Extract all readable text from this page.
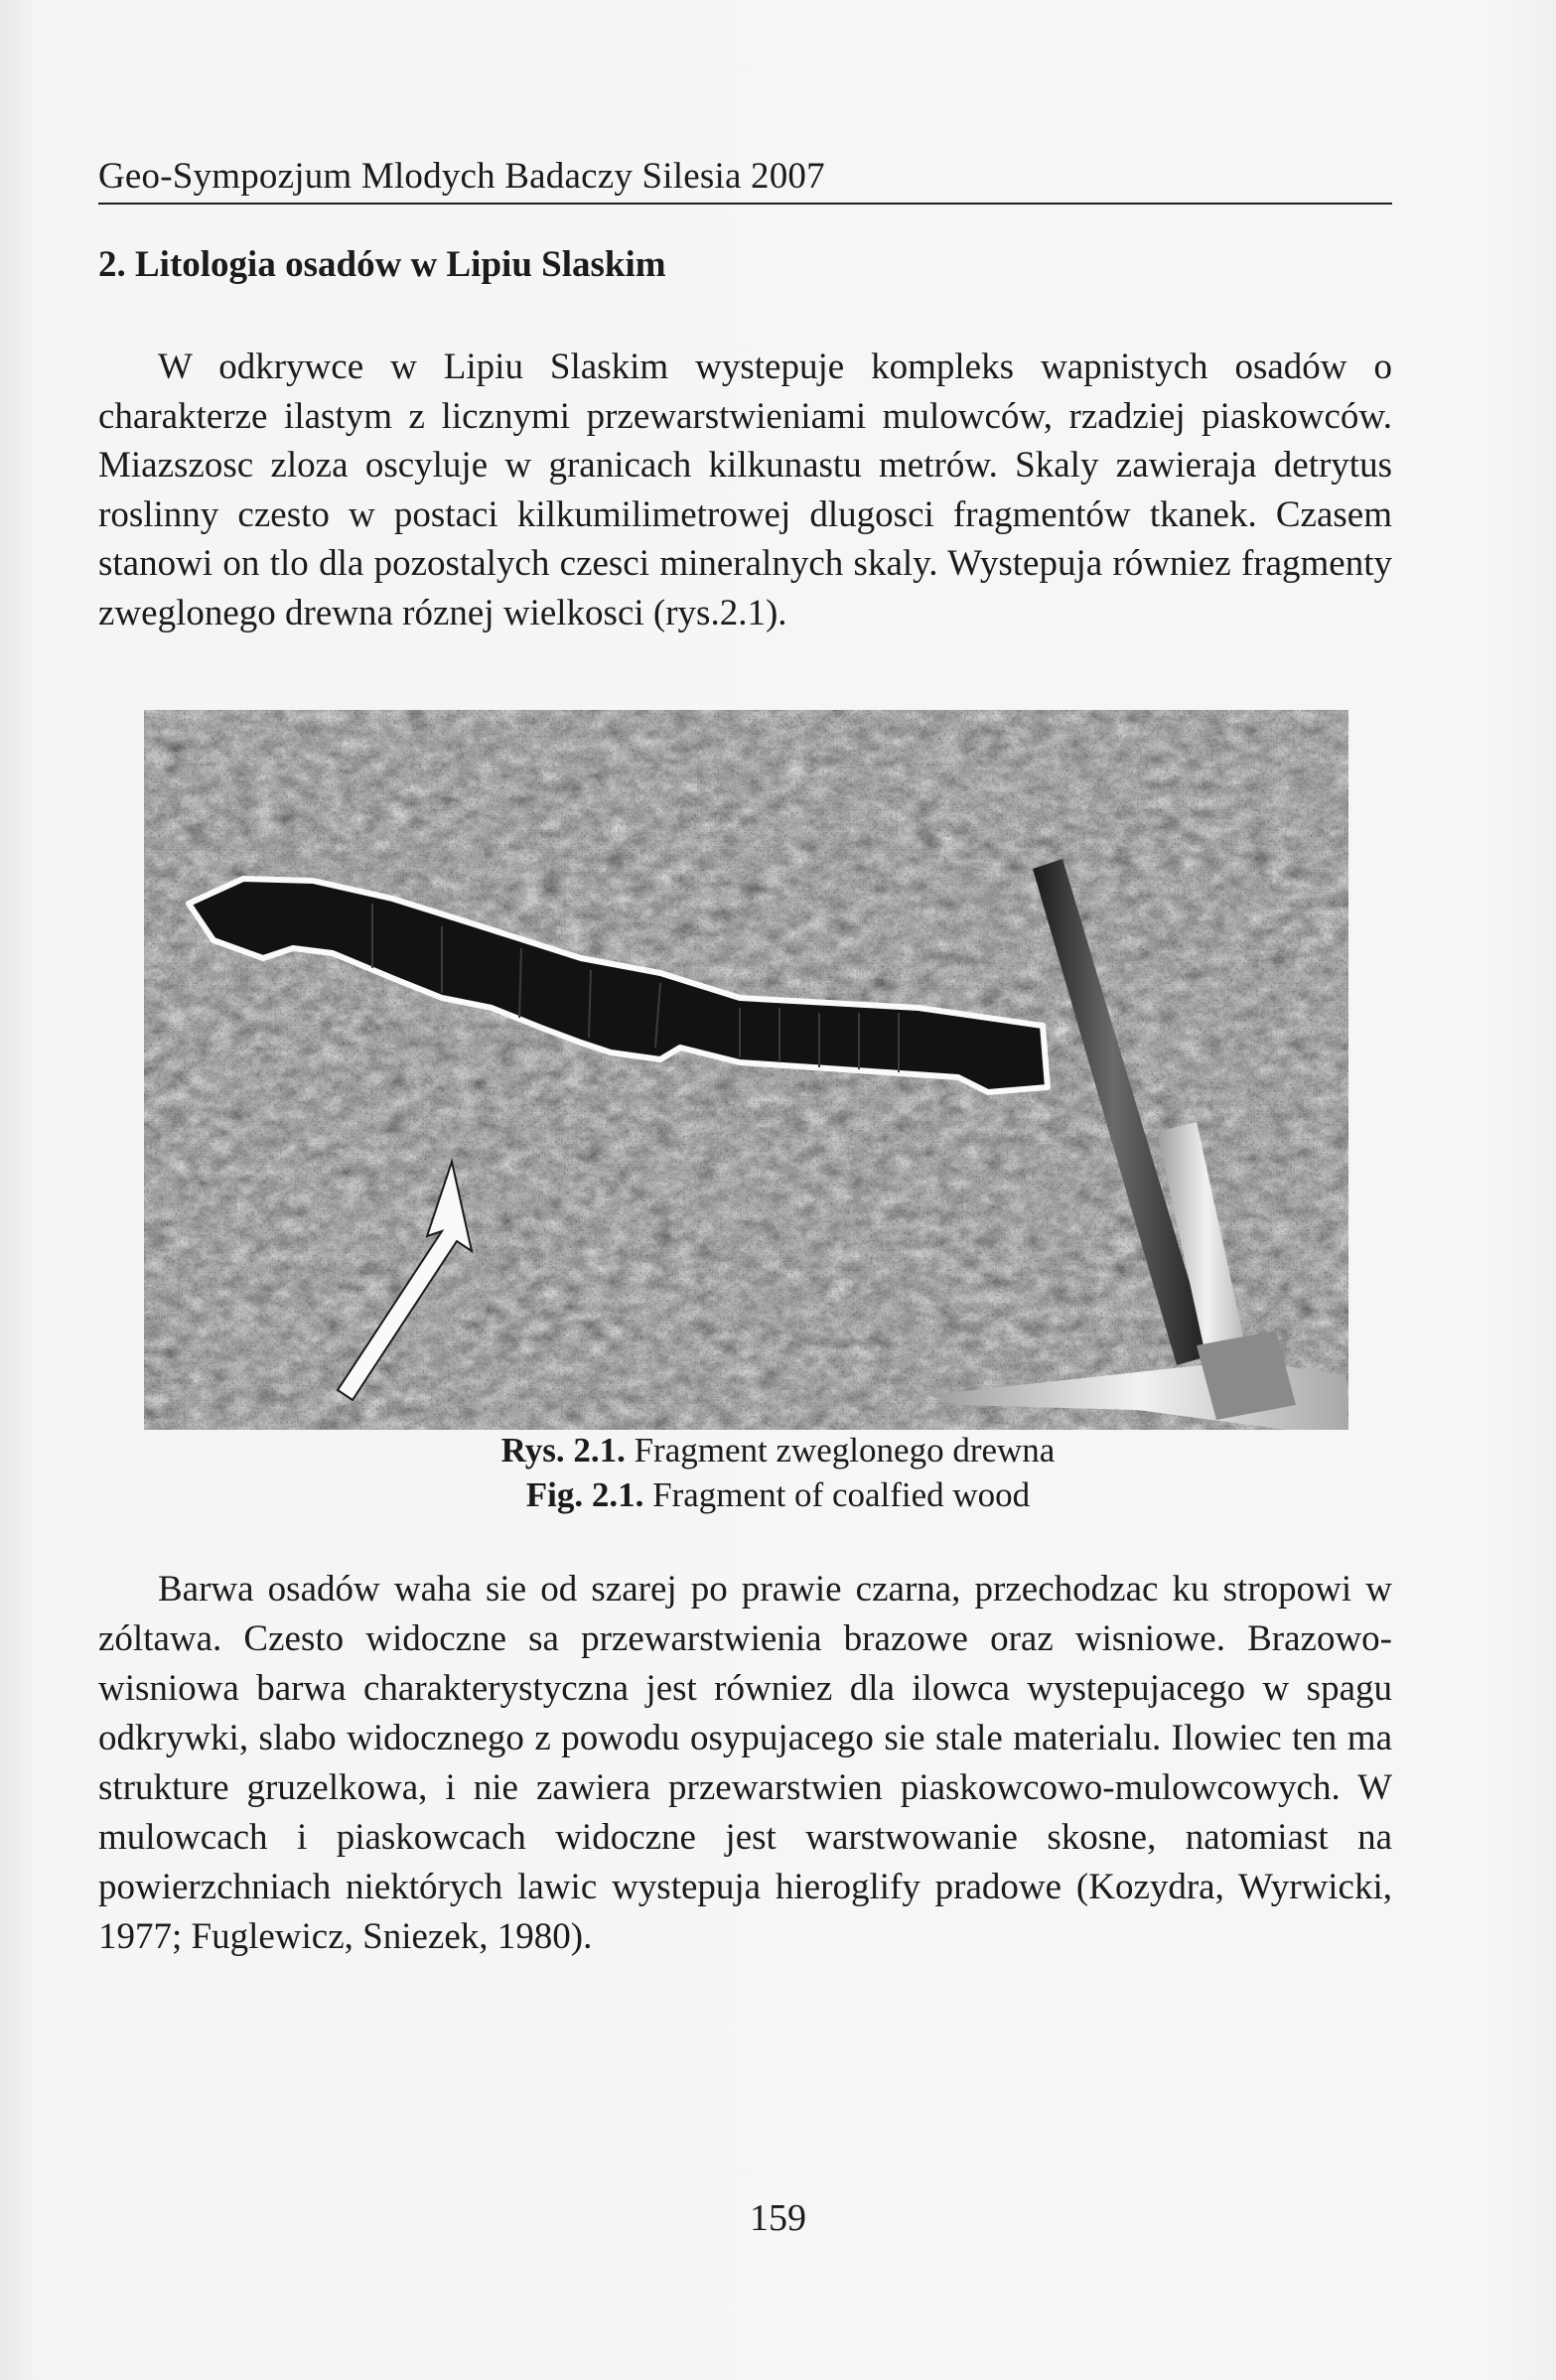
Geo-Sympozjum Mlodych Badaczy Silesia 2007
2. Litologia osadów w Lipiu Slaskim

W odkrywce w Lipiu Slaskim wystepuje kompleks wapnistych osadów o charakterze ilastym z licznymi przewarstwieniami mulowców, rzadziej piaskowców. Miazszosc zloza oscyluje w granicach kilkunastu metrów. Skaly zawieraja detrytus roslinny czesto w postaci kilkumilimetrowej dlugosci fragmentów tkanek. Czasem stanowi on tlo dla pozostalych czesci mineralnych skaly. Wystepuja równiez fragmenty zweglonego drewna róznej wielkosci (rys.2.1).

Rys. 2.1. Fragment zweglonego drewna
Fig. 2.1. Fragment of coalfied wood

Barwa osadów waha sie od szarej po prawie czarna, przechodzac ku stropowi w zóltawa. Czesto widoczne sa przewarstwienia brazowe oraz wisniowe. Brazowo-wisniowa barwa charakterystyczna jest równiez dla ilowca wystepujacego w spagu odkrywki, slabo widocznego z powodu osypujacego sie stale materialu. Ilowiec ten ma strukture gruzelkowa, i nie zawiera przewarstwien piaskowcowo-mulowcowych. W mulowcach i piaskowcach widoczne jest warstwowanie skosne, natomiast na powierzchniach niektórych lawic wystepuja hieroglify pradowe (Kozydra, Wyrwicki, 1977; Fuglewicz, Sniezek, 1980).

159
